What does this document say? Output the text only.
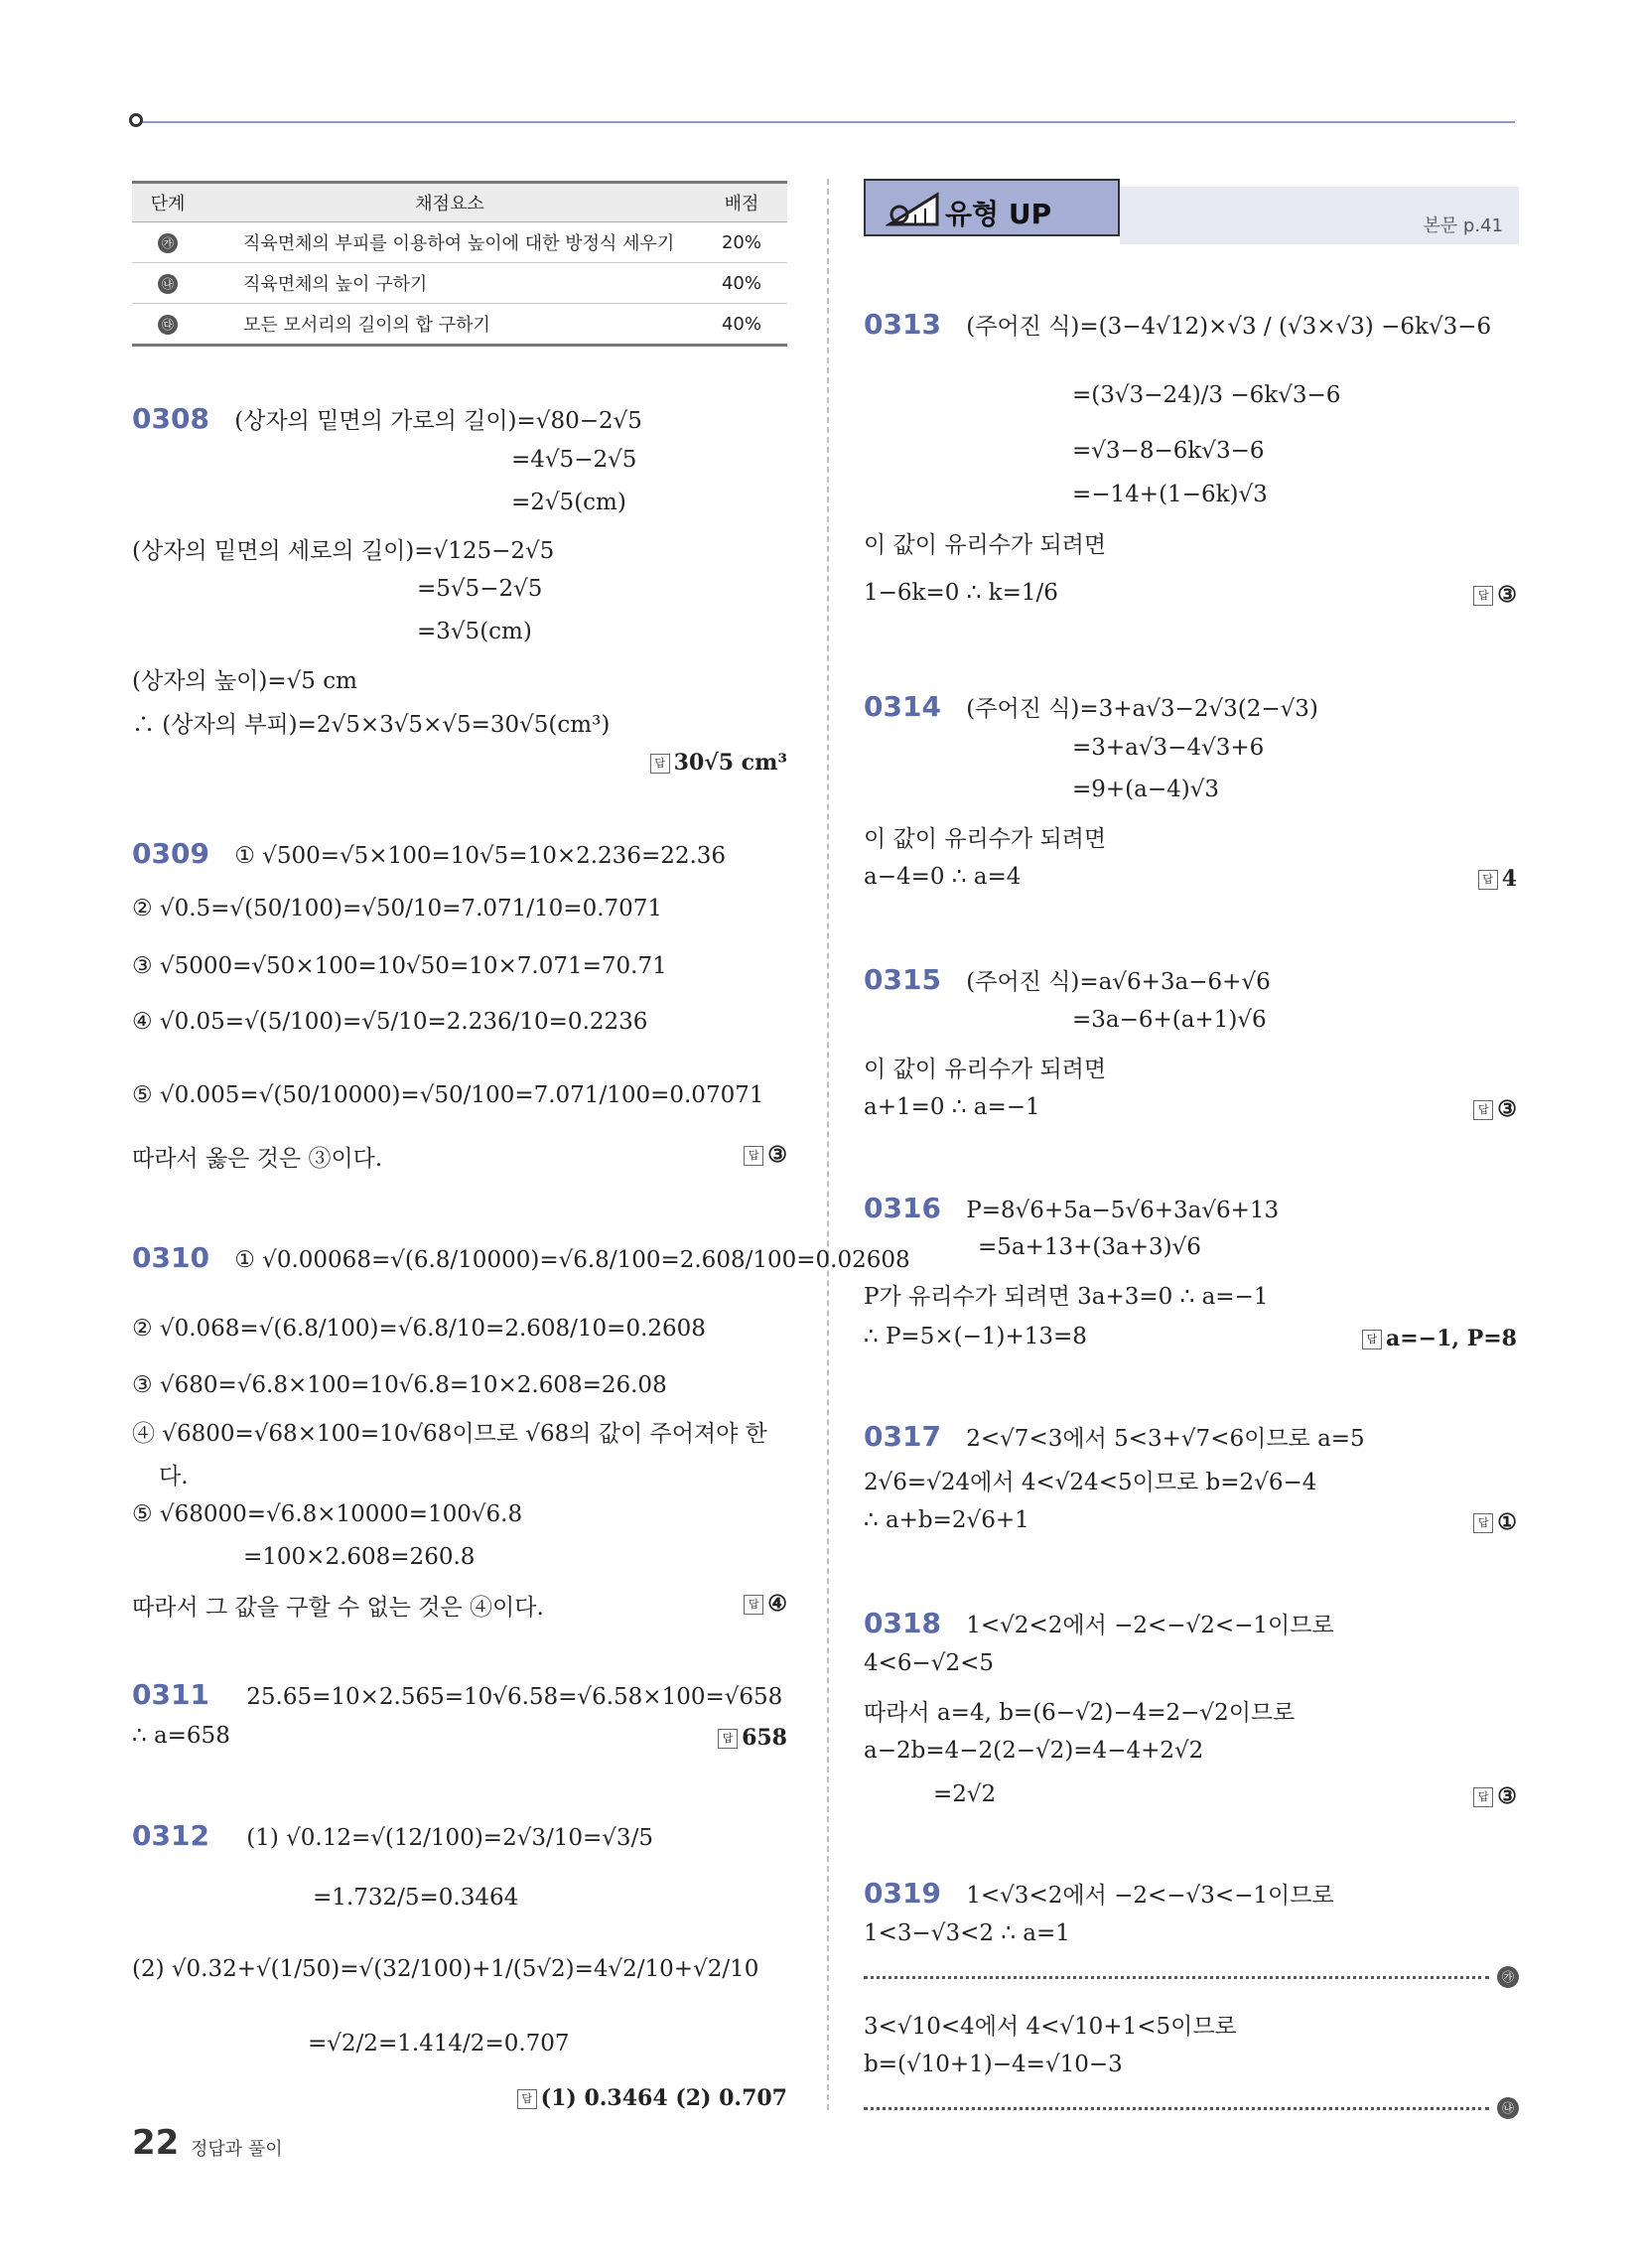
단계	채점요소	배점
㉮	직육면체의 부피를 이용하여 높이에 대한 방정식 세우기	20%
㉯	직육면체의 높이 구하기	40%
㉰	모든 모서리의 길이의 합 구하기	40%
0308 (상자의 밑면의 가로의 길이)=√80−2√5
=4√5−2√5
=2√5(cm)
(상자의 밑면의 세로의 길이)=√125−2√5
=5√5−2√5
=3√5(cm)
(상자의 높이)=√5 cm
∴ (상자의 부피)=2√5×3√5×√5=30√5(cm³)
답 30√5 cm³
0309 ① √500=√5×100=10√5=10×2.236=22.36
② √0.5=√(50/100)=√50/10=7.071/10=0.7071
③ √5000=√50×100=10√50=10×7.071=70.71
④ √0.05=√(5/100)=√5/10=2.236/10=0.2236
⑤ √0.005=√(50/10000)=√50/100=7.071/100=0.07071
따라서 옳은 것은 ③이다.	답 ③
0310 ① √0.00068=√(6.8/10000)=√6.8/100=2.608/100=0.02608
② √0.068=√(6.8/100)=√6.8/10=2.608/10=0.2608
③ √680=√6.8×100=10√6.8=10×2.608=26.08
④ √6800=√68×100=10√68이므로 √68의 값이 주어져야 한
다.
⑤ √68000=√6.8×10000=100√6.8
=100×2.608=260.8
따라서 그 값을 구할 수 없는 것은 ④이다.	답 ④
0311 25.65=10×2.565=10√6.58=√6.58×100=√658
∴ a=658	답 658
0312 (1) √0.12=√(12/100)=2√3/10=√3/5
=1.732/5=0.3464
(2) √0.32+√(1/50)=√(32/100)+1/(5√2)=4√2/10+√2/10
=√2/2=1.414/2=0.707
답 (1) 0.3464 (2) 0.707
본문 p.41
유형 UP
0313 (주어진 식)=(3−4√12)×√3 / (√3×√3) −6k√3−6
=(3√3−24)/3 −6k√3−6
=√3−8−6k√3−6
=−14+(1−6k)√3
이 값이 유리수가 되려면
1−6k=0 ∴ k=1/6	답 ③
0314 (주어진 식)=3+a√3−2√3(2−√3)
=3+a√3−4√3+6
=9+(a−4)√3
이 값이 유리수가 되려면
a−4=0 ∴ a=4	답 4
0315 (주어진 식)=a√6+3a−6+√6
=3a−6+(a+1)√6
이 값이 유리수가 되려면
a+1=0 ∴ a=−1	답 ③
0316 P=8√6+5a−5√6+3a√6+13
=5a+13+(3a+3)√6
P가 유리수가 되려면 3a+3=0 ∴ a=−1
∴ P=5×(−1)+13=8	답 a=−1, P=8
0317 2<√7<3에서 5<3+√7<6이므로 a=5
2√6=√24에서 4<√24<5이므로 b=2√6−4
∴ a+b=2√6+1	답 ①
0318 1<√2<2에서 −2<−√2<−1이므로
4<6−√2<5
따라서 a=4, b=(6−√2)−4=2−√2이므로
a−2b=4−2(2−√2)=4−4+2√2
=2√2	답 ③
0319 1<√3<2에서 −2<−√3<−1이므로
1<3−√3<2 ∴ a=1
㉮
3<√10<4에서 4<√10+1<5이므로
b=(√10+1)−4=√10−3
㉯
22 정답과 풀이
